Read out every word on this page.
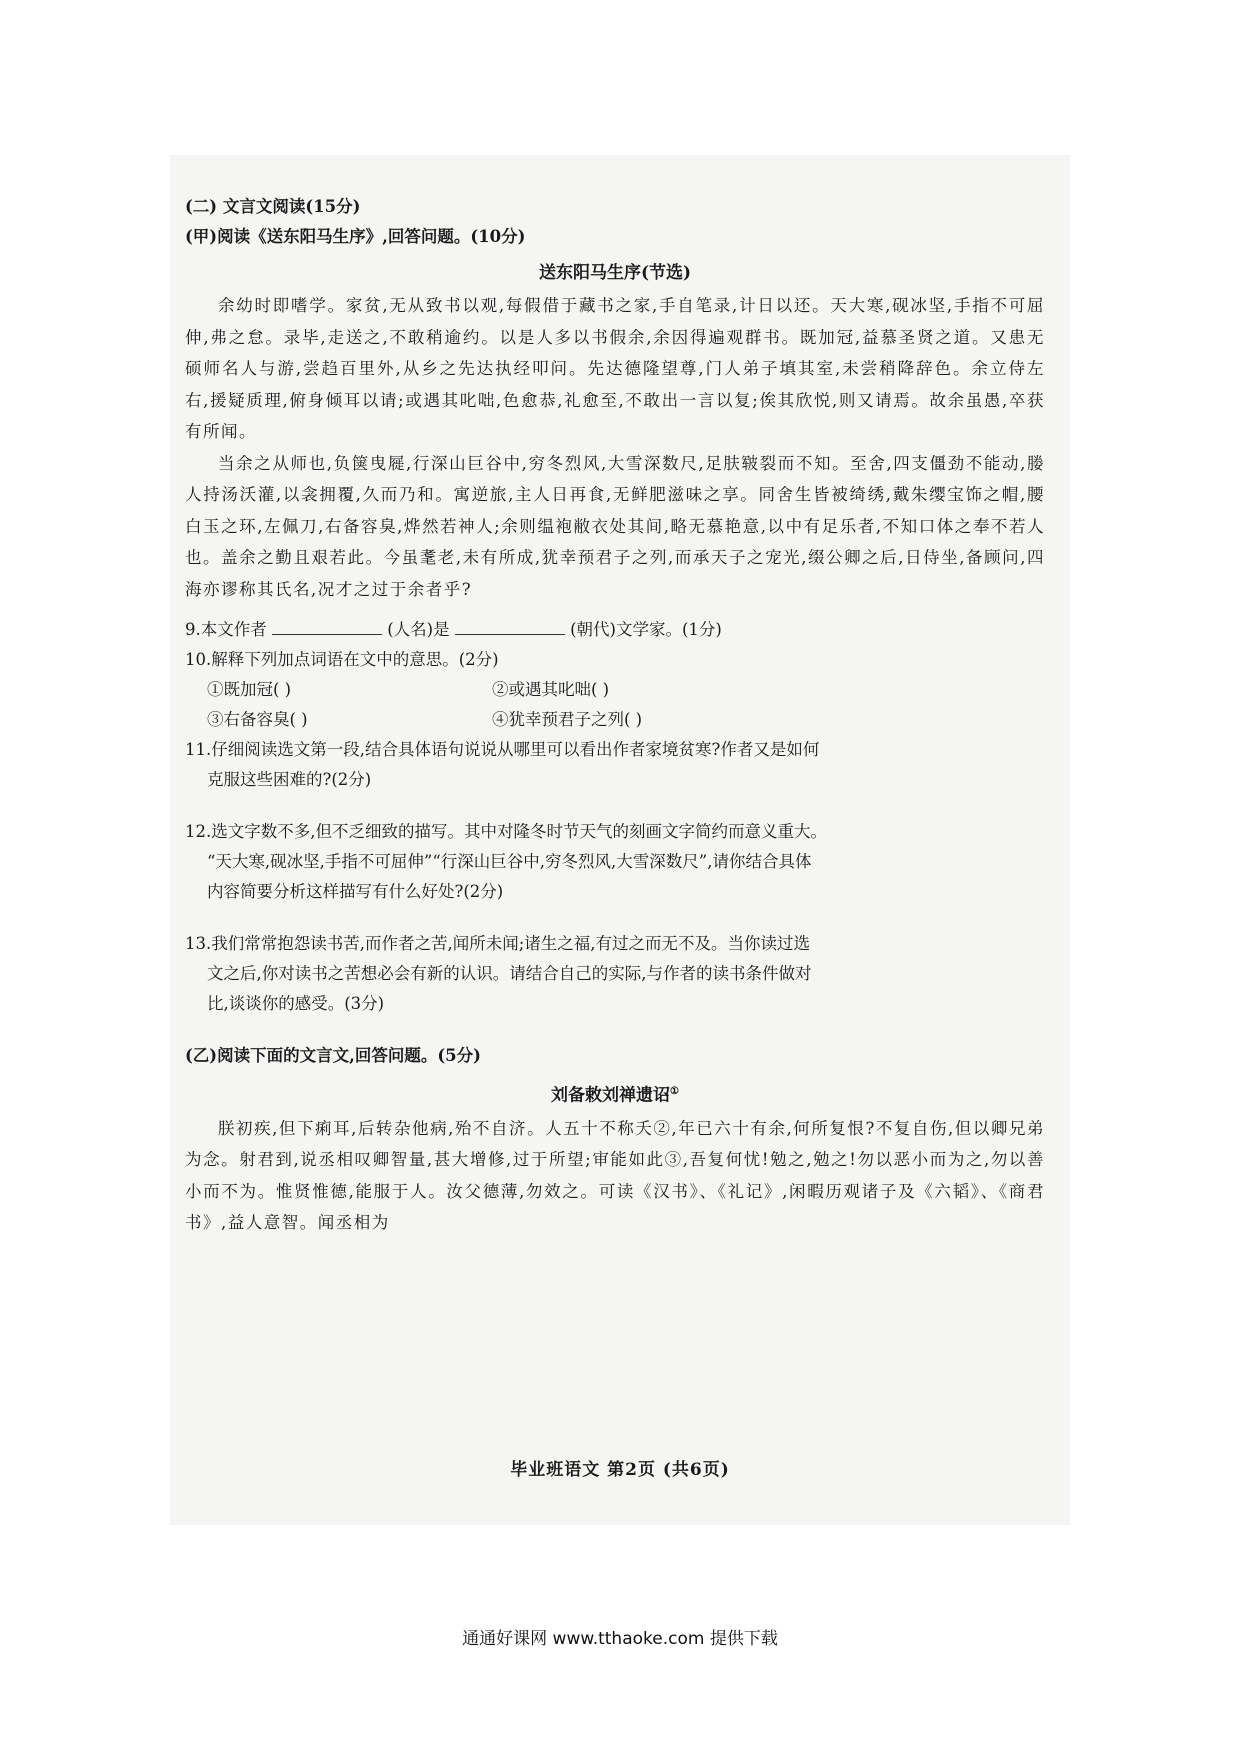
(二) 文言文阅读(15分)

(甲)阅读《送东阳马生序》,回答问题。(10分)

送东阳马生序(节选)

余幼时即嗜学。家贫,无从致书以观,每假借于藏书之家,手自笔录,计日以还。天大寒,砚冰坚,手指不可屈伸,弗之怠。录毕,走送之,不敢稍逾约。以是人多以书假余,余因得遍观群书。既加冠,益慕圣贤之道。又患无硕师名人与游,尝趋百里外,从乡之先达执经叩问。先达德隆望尊,门人弟子填其室,未尝稍降辞色。余立侍左右,援疑质理,俯身倾耳以请;或遇其叱咄,色愈恭,礼愈至,不敢出一言以复;俟其欣悦,则又请焉。故余虽愚,卒获有所闻。

当余之从师也,负箧曳屣,行深山巨谷中,穷冬烈风,大雪深数尺,足肤皲裂而不知。至舍,四支僵劲不能动,媵人持汤沃灌,以衾拥覆,久而乃和。寓逆旅,主人日再食,无鲜肥滋味之享。同舍生皆被绮绣,戴朱缨宝饰之帽,腰白玉之环,左佩刀,右备容臭,烨然若神人;余则缊袍敝衣处其间,略无慕艳意,以中有足乐者,不知口体之奉不若人也。盖余之勤且艰若此。今虽耄老,未有所成,犹幸预君子之列,而承天子之宠光,缀公卿之后,日侍坐,备顾问,四海亦谬称其氏名,况才之过于余者乎?

9.本文作者	(人名)是	(朝代)文学家。(1分)

10.解释下列加点词语在文中的意思。(2分)

①既加冠( )	②或遇其叱咄( )
③右备容臭( )	④犹幸预君子之列( )

11.仔细阅读选文第一段,结合具体语句说说从哪里可以看出作者家境贫寒?作者又是如何

克服这些困难的?(2分)

12.选文字数不多,但不乏细致的描写。其中对隆冬时节天气的刻画文字简约而意义重大。

“天大寒,砚冰坚,手指不可屈伸”“行深山巨谷中,穷冬烈风,大雪深数尺”,请你结合具体

内容简要分析这样描写有什么好处?(2分)

13.我们常常抱怨读书苦,而作者之苦,闻所未闻;诸生之福,有过之而无不及。当你读过选

文之后,你对读书之苦想必会有新的认识。请结合自己的实际,与作者的读书条件做对

比,谈谈你的感受。(3分)

(乙)阅读下面的文言文,回答问题。(5分)

刘备敕刘禅遗诏①

朕初疾,但下痢耳,后转杂他病,殆不自济。人五十不称夭②,年已六十有余,何所复恨?不复自伤,但以卿兄弟为念。射君到,说丞相叹卿智量,甚大增修,过于所望;审能如此③,吾复何忧!勉之,勉之!勿以恶小而为之,勿以善小而不为。惟贤惟德,能服于人。汝父德薄,勿效之。可读《汉书》、《礼记》,闲暇历观诸子及《六韬》、《商君书》,益人意智。闻丞相为

毕业班语文 第2页 (共6页)
通通好课网 www.tthaoke.com 提供下载
